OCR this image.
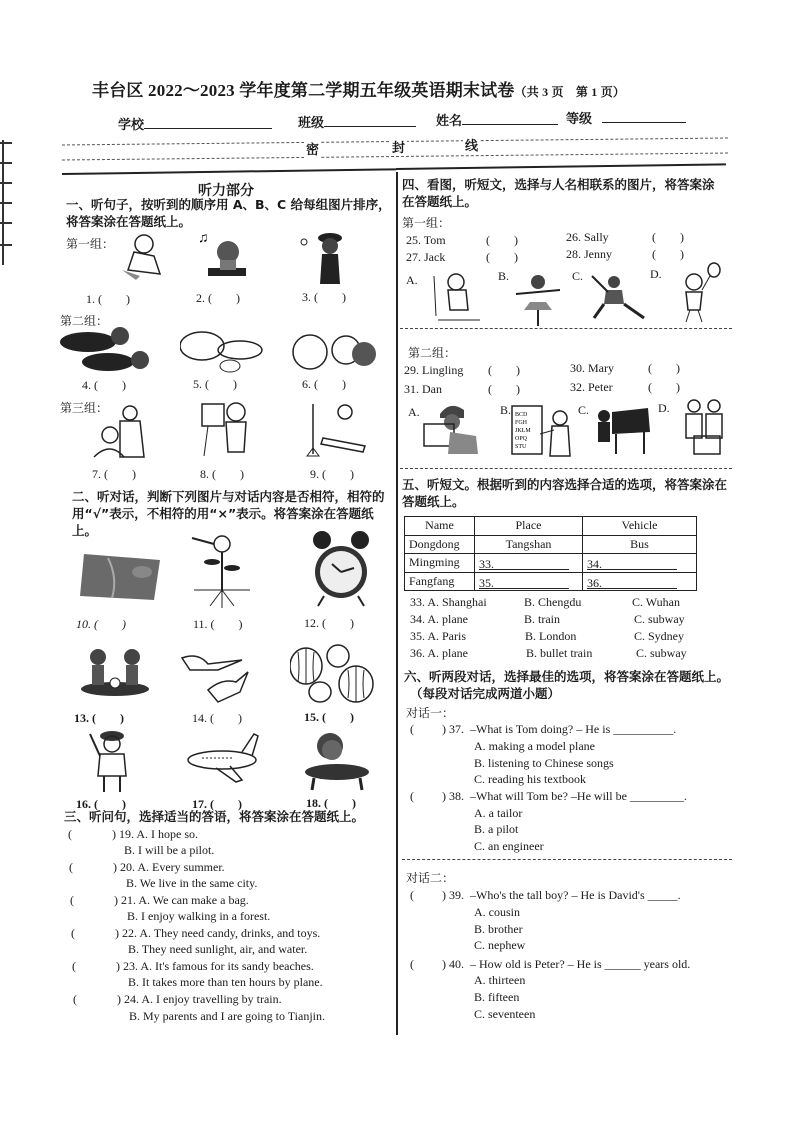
丰台区 2022～2023 学年度第二学期五年级英语期末试卷（共 3 页　第 1 页）
学校	班级	姓名	等级
密	封	线
听力部分
一、听句子，按听到的顺序用 A、B、C 给每组图片排序，将答案涂在答题纸上。
第一组：	♫
1. (　　)	2. (　　)	3. (　　)
第二组：
4. (　　)	5. (　　)	6. (　　)
第三组：
7. (　　)	8. (　　)	9. (　　)
二、听对话，判断下列图片与对话内容是否相符，相符的用“√”表示，不相符的用“×”表示。将答案涂在答题纸上。
10. (　　)	11. (　　)	12. (　　)
13. (　　)	14. (　　)	15. (　　)
16. (　　)	17. (　　)	18. (　　)
三、听问句，选择适当的答语，将答案涂在答题纸上。
(	) 19. A. I hope so.
B. I will be a pilot.
(	) 20. A. Every summer.
B. We live in the same city.
(	) 21. A. We can make a bag.
B. I enjoy walking in a forest.
(	) 22. A. They need candy, drinks, and toys.
B. They need sunlight, air, and water.
(	) 23. A. It's famous for its sandy beaches.
B. It takes more than ten hours by plane.
(	) 24. A. I enjoy travelling by train.
B. My parents and I are going to Tianjin.
四、看图，听短文，选择与人名相联系的图片，将答案涂在答题纸上。
第一组：
25. Tom	(　　)	26. Sally	(　　)
27. Jack	(　　)	28. Jenny	(　　)
A.	B.	C.	D.
第二组：
29. Lingling (　　)	30. Mary	(　　)
31. Dan	(　　)	32. Peter	(　　)
A.	B. BCD
FGH
JKLM
OPQ
STU
C.	D.
五、听短文。根据听到的内容选择合适的选项，将答案涂在答题纸上。
Name	Place	Vehicle
Dongdong	Tangshan	Bus
Mingming	33.	34.
Fangfang	35.	36.
33. A. Shanghai	B. Chengdu	C. Wuhan
34. A. plane	B. train	C. subway
35. A. Paris	B. London	C. Sydney
36. A. plane	B. bullet train	C. subway
六、听两段对话，选择最佳的选项，将答案涂在答题纸上。
（每段对话完成两道小题）
对话一：
( ) 37. –What is Tom doing? – He is __________.
A. making a model plane
B. listening to Chinese songs
C. reading his textbook
( ) 38. –What will Tom be? –He will be _________.
A. a tailor
B. a pilot
C. an engineer
对话二：
( ) 39. –Who's the tall boy? – He is David's _____.
A. cousin
B. brother
C. nephew
( ) 40. – How old is Peter? – He is ______ years old.
A. thirteen
B. fifteen
C. seventeen
